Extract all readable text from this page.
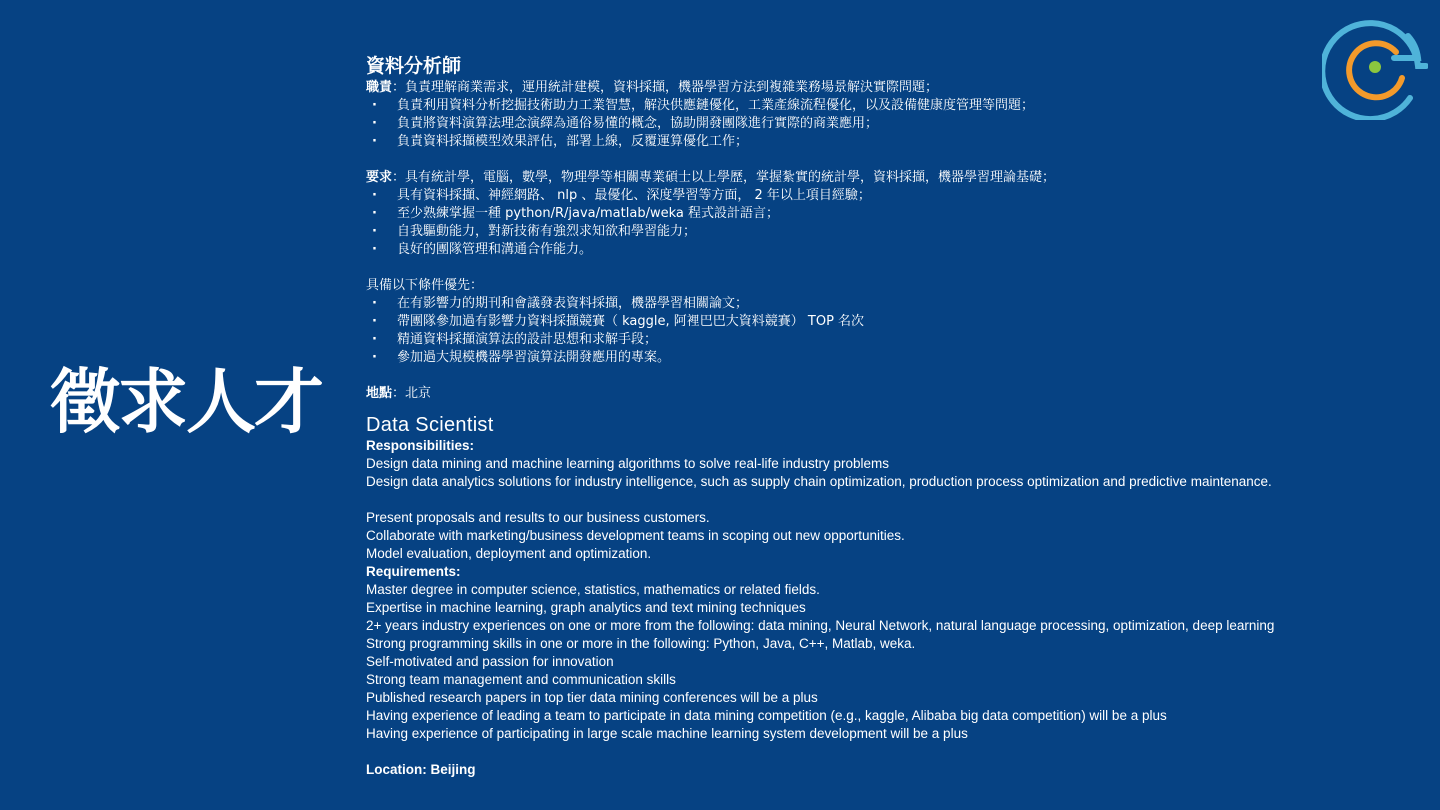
徵求人才
資料分析師
職責：負責理解商業需求，運用統計建模，資料採擷，機器學習方法到複雜業務場景解決實際問題；
· 負責利用資料分析挖掘技術助力工業智慧，解決供應鏈優化，工業產線流程優化，以及設備健康度管理等問題；
· 負責將資料演算法理念演繹為通俗易懂的概念，協助開發團隊進行實際的商業應用；
· 負責資料採擷模型效果評估，部署上線，反覆運算優化工作；
要求：具有統計學，電腦，數學，物理學等相關專業碩士以上學歷，掌握紮實的統計學，資料採擷，機器學習理論基礎；
· 具有資料採擷、神經網路、 nlp 、最優化、深度學習等方面， 2 年以上項目經驗；
· 至少熟練掌握一種 python/R/java/matlab/weka 程式設計語言；
· 自我驅動能力，對新技術有強烈求知欲和學習能力；
· 良好的團隊管理和溝通合作能力。
具備以下條件優先：
· 在有影響力的期刊和會議發表資料採擷，機器學習相關論文；
· 帶團隊參加過有影響力資料採擷競賽（ kaggle, 阿裡巴巴大資料競賽） TOP 名次
· 精通資料採擷演算法的設計思想和求解手段；
· 參加過大規模機器學習演算法開發應用的專案。
地點：北京
Data Scientist
Responsibilities:
Design data mining and machine learning algorithms to solve real-life industry problems
Design data analytics solutions for industry intelligence, such as supply chain optimization, production process optimization and predictive maintenance.
Present proposals and results to our business customers.
Collaborate with marketing/business development teams in scoping out new opportunities.
Model evaluation, deployment and optimization.
Requirements:
Master degree in computer science, statistics, mathematics or related fields.
Expertise in machine learning, graph analytics and text mining techniques
2+ years industry experiences on one or more from the following: data mining, Neural Network, natural language processing, optimization, deep learning
Strong programming skills in one or more in the following: Python, Java, C++, Matlab, weka.
Self-motivated and passion for innovation
Strong team management and communication skills
Published research papers in top tier data mining conferences will be a plus
Having experience of leading a team to participate in data mining competition (e.g., kaggle, Alibaba big data competition) will be a plus
Having experience of participating in large scale machine learning system development will be a plus
Location: Beijing
